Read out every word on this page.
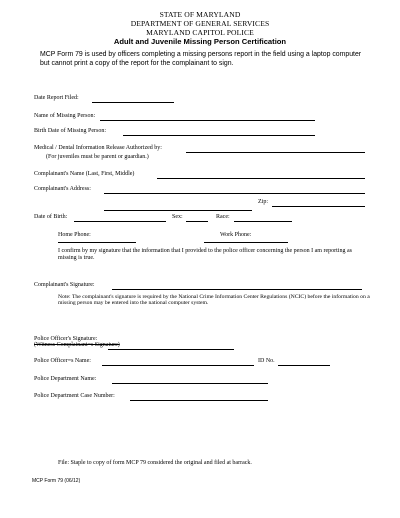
STATE OF MARYLAND
DEPARTMENT OF GENERAL SERVICES
MARYLAND CAPITOL POLICE
Adult and Juvenile Missing Person Certification
MCP Form 79 is used by officers completing a missing persons report in the field using a laptop computer but cannot print a copy of the report for the complainant to sign.
Date Report Filed:
Name of Missing Person:
Birth Date of Missing Person:
Medical / Dental Information Release Authorized by:
(For juveniles must be parent or guardian.)
Complainant's Name (Last, First, Middle)
Complainant's Address:
Zip:
Date of Birth:	Sex:	Race:
Home Phone:	Work Phone:
I confirm by my signature that the information that I provided to the police officer concerning the person I am reporting as missing is true.
Complainant's Signature:
Note: The complainant's signature is required by the National Crime Information Center Regulations (NCIC) before the information on a missing person may be entered into the national computer system.
Police Officer's Signature:
(Witness Complainant=s Signature)
Police Officer=s Name:	ID No.
Police Department Name:
Police Department Case Number:
File: Staple to copy of form MCP 79 considered the original and filed at barrack.
MCP Form 79 (06/12)
